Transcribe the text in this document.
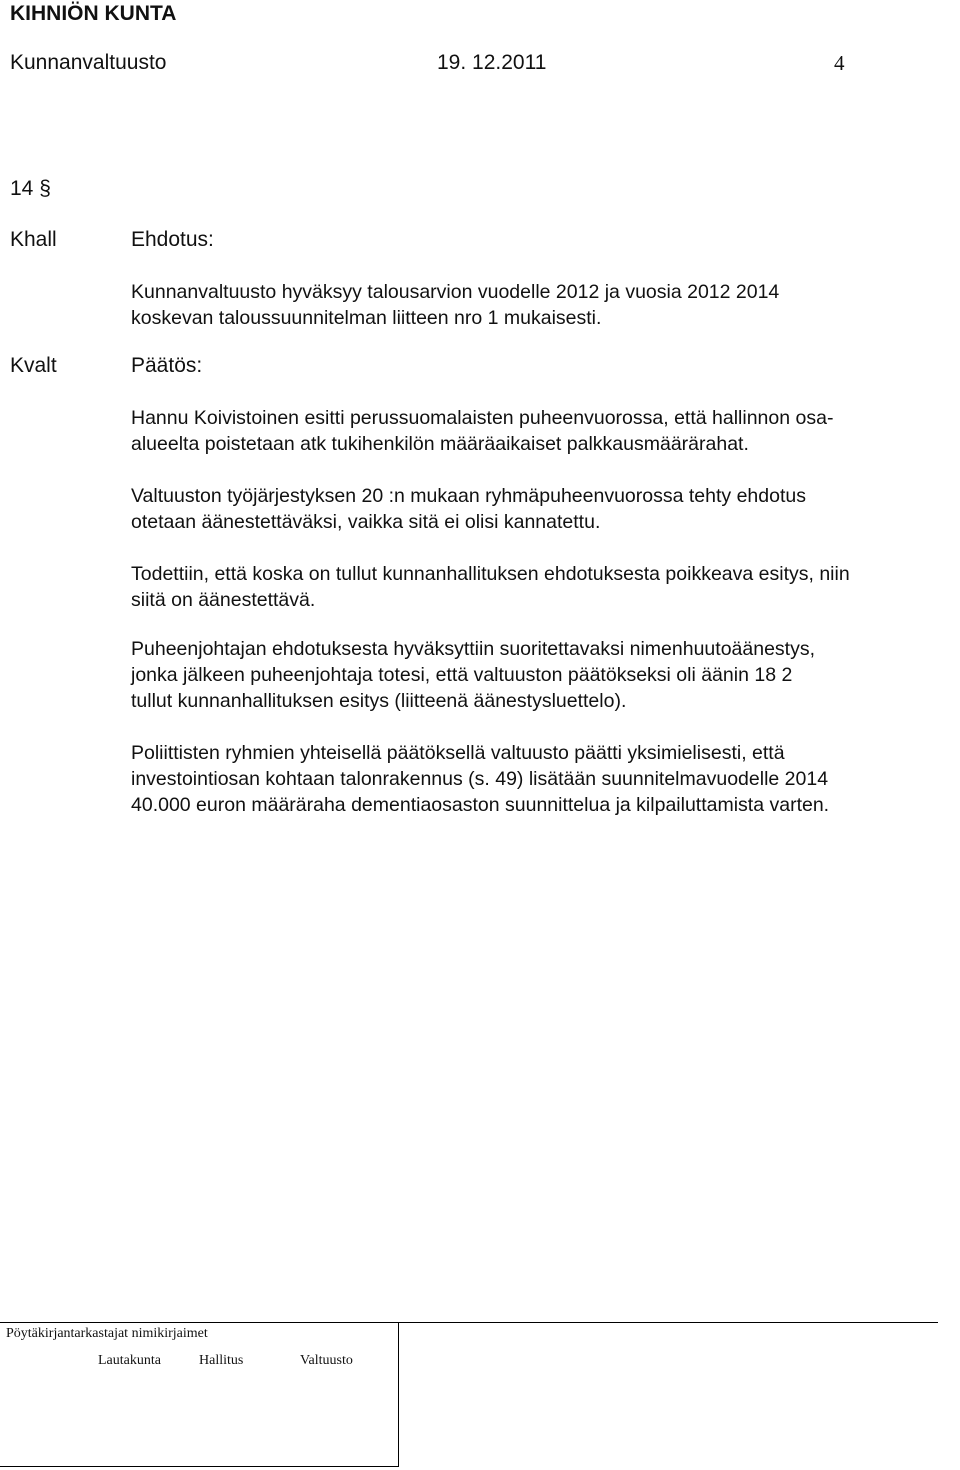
KIHNIÖN KUNTA
Kunnanvaltuusto	19. 12.2011	4
14 §
Khall	Ehdotus:
Kunnanvaltuusto hyväksyy talousarvion vuodelle 2012 ja vuosia 2012 2014
koskevan taloussuunnitelman liitteen nro 1 mukaisesti.
Kvalt	Päätös:
Hannu Koivistoinen esitti perussuomalaisten puheenvuorossa, että hallinnon osa-
alueelta poistetaan atk tukihenkilön määräaikaiset palkkausmäärärahat.
Valtuuston työjärjestyksen 20 :n mukaan ryhmäpuheenvuorossa tehty ehdotus
otetaan äänestettäväksi, vaikka sitä ei olisi kannatettu.
Todettiin, että koska on tullut kunnanhallituksen ehdotuksesta poikkeava esitys, niin
siitä on äänestettävä.
Puheenjohtajan ehdotuksesta hyväksyttiin suoritettavaksi nimenhuutoäänestys,
jonka jälkeen puheenjohtaja totesi, että valtuuston päätökseksi oli äänin 18 2
tullut kunnanhallituksen esitys (liitteenä äänestysluettelo).
Poliittisten ryhmien yhteisellä päätöksellä valtuusto päätti yksimielisesti, että
investointiosan kohtaan talonrakennus (s. 49) lisätään suunnitelmavuodelle 2014
40.000 euron määräraha dementiaosaston suunnittelua ja kilpailuttamista varten.
Pöytäkirjantarkastajat nimikirjaimet
Lautakunta	Hallitus	Valtuusto
